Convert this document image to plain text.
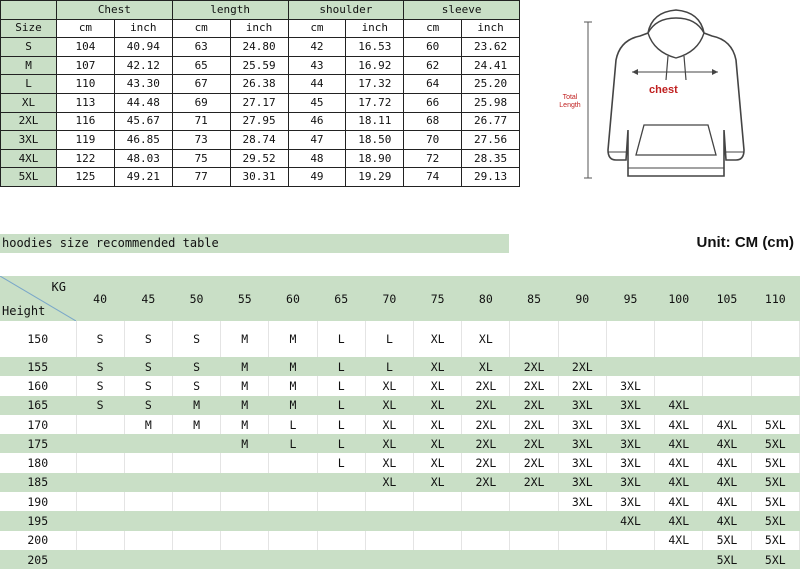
	Chest		length		shoulder		sleeve	
Size	cm	inch	cm	inch	cm	inch	cm	inch
S	104	40.94	63	24.80	42	16.53	60	23.62
M	107	42.12	65	25.59	43	16.92	62	24.41
L	110	43.30	67	26.38	44	17.32	64	25.20
XL	113	44.48	69	27.17	45	17.72	66	25.98
2XL	116	45.67	71	27.95	46	18.11	68	26.77
3XL	119	46.85	73	28.74	47	18.50	70	27.56
4XL	122	48.03	75	29.52	48	18.90	72	28.35
5XL	125	49.21	77	30.31	49	19.29	74	29.13
chest
Total
Length
hoodies size recommended table	Unit: CM (cm)
KG
Height	40	45	50	55	60	65	70	75	80	85	90	95	100	105	110
150	S	S	S	M	M	L	L	XL	XL						
155	S	S	S	M	M	L	L	XL	XL	2XL	2XL				
160	S	S	S	M	M	L	XL	XL	2XL	2XL	2XL	3XL			
165	S	S	M	M	M	L	XL	XL	2XL	2XL	3XL	3XL	4XL		
170		M	M	M	L	L	XL	XL	2XL	2XL	3XL	3XL	4XL	4XL	5XL
175				M	L	L	XL	XL	2XL	2XL	3XL	3XL	4XL	4XL	5XL
180						L	XL	XL	2XL	2XL	3XL	3XL	4XL	4XL	5XL
185							XL	XL	2XL	2XL	3XL	3XL	4XL	4XL	5XL
190											3XL	3XL	4XL	4XL	5XL
195												4XL	4XL	4XL	5XL
200													4XL	5XL	5XL
205														5XL	5XL
